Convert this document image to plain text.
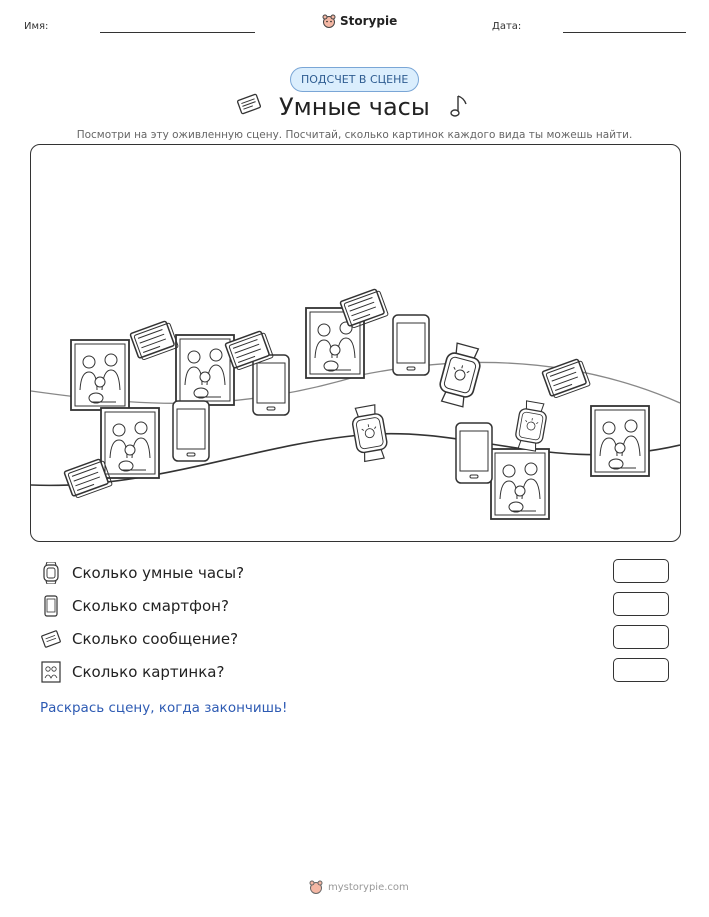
Имя:	Storypie	Дата:
ПОДСЧЕТ В СЦЕНЕ
Умные часы
Посмотри на эту оживленную сцену. Посчитай, сколько картинок каждого вида ты можешь найти.
Сколько умные часы?
Сколько смартфон?
Сколько сообщение?
Сколько картинка?
Раскрась сцену, когда закончишь!
mystorypie.com
